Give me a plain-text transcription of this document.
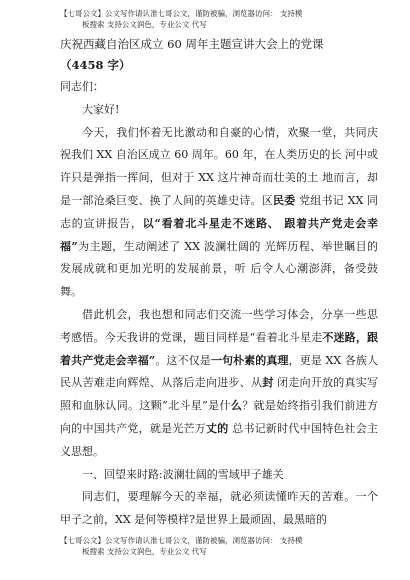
【七哥公文】公文写作请认准七哥公文，谨防被骗，浏览器访问： 支持模
板搜索 支持公文润色，专业公文 代写

庆祝西藏自治区成立 60 周年主题宣讲大会上的党课
（4458 字）

同志们：

大家好!

今天，我们怀着无比激动和自豪的心情，欢聚一堂，共同庆祝我们 XX 自治区成立 60 周年。60 年，在人类历史的长 河中或许只是弹指一挥间，但对于 XX 这片神奇而壮美的土 地而言，却是一部沧桑巨变、换了人间的英雄史诗。区民委 党组书记 XX 同志的宣讲报告，以“看着北斗星走不迷路、 跟着共产党走会幸福”为主题，生动阐述了 XX 波澜壮阔的 光辉历程、举世瞩目的发展成就和更加光明的发展前景，听 后令人心潮澎湃，备受鼓舞。

借此机会，我也想和同志们交流一些学习体会，分享一些思考感悟。今天我讲的党课，题目同样是“看着北斗星走不迷路，跟着共产党走会幸福”。这不仅是一句朴素的真理，更是 XX 各族人民从苦难走向辉煌、从落后走向进步、从封 闭走向开放的真实写照和血脉认同。这颗“北斗星”是什么？就是始终指引我们前进方向的中国共产党，就是光芒万丈的 总书记新时代中国特色社会主义思想。

一、回望来时路:波澜壮阔的雪域甲子雄关

同志们，要理解今天的幸福，就必须读懂昨天的苦难。一个甲子之前，XX 是何等模样?是世界上最顽固、最黑暗的

【七哥公文】公文写作请认准七哥公文，谨防被骗，浏览器访问： 支持模
板搜索 支持公文润色，专业公文 代写
